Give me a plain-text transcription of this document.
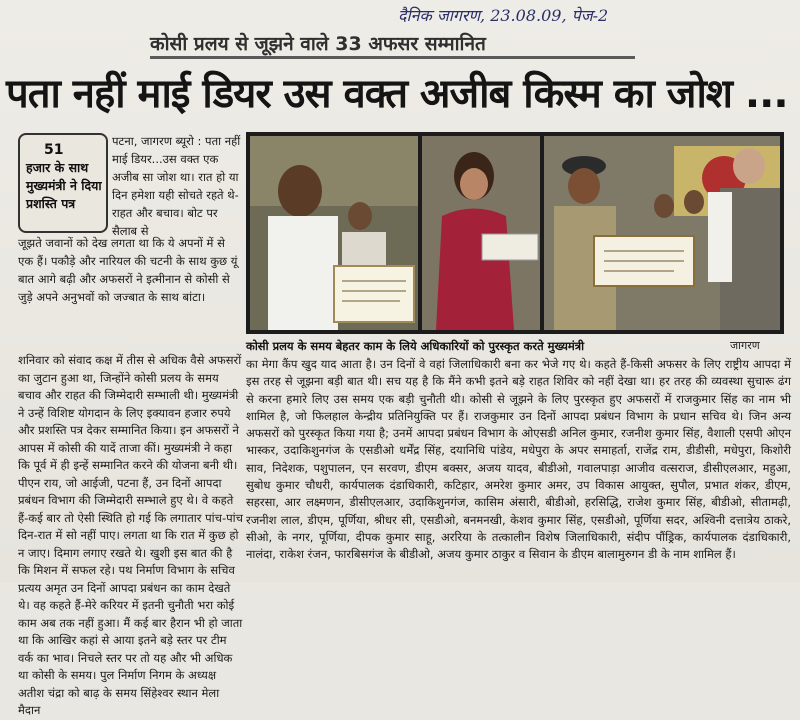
दैनिक जागरण, 23.08.09, पेज-2
कोसी प्रलय से जूझने वाले 33 अफसर सम्मानित
पता नहीं माई डियर उस वक्त अजीब किस्म का जोश ...
51
हजार के साथ मुख्यमंत्री ने दिया प्रशस्ति पत्र
पटना, जागरण ब्यूरो : पता नहीं माई डियर...उस वक्त एक अजीब सा जोश था। रात हो या दिन हमेशा यही सोचते रहते थे-राहत और बचाव। बोट पर सैलाब से
जूझते जवानों को देख लगता था कि ये अपनों में से एक हैं। पकौड़े और नारियल की चटनी के साथ कुछ यूं बात आगे बढ़ी और अफसरों ने इत्मीनान से कोसी से जुड़े अपने अनुभवों को जज्बात के साथ बांटा।
शनिवार को संवाद कक्ष में तीस से अधिक वैसे अफसरों का जुटान हुआ था, जिन्होंने कोसी प्रलय के समय बचाव और राहत की जिम्मेदारी सम्भाली थी। मुख्यमंत्री ने उन्हें विशिष्ट योगदान के लिए इक्यावन हजार रुपये और प्रशस्ति पत्र देकर सम्मानित किया। इन अफसरों ने आपस में कोसी की यादें ताजा कीं। मुख्यमंत्री ने कहा कि पूर्व में ही इन्हें सम्मानित करने की योजना बनी थी। पीएन राय, जो आईजी, पटना हैं, उन दिनों आपदा प्रबंधन विभाग की जिम्मेदारी सम्भाले हुए थे। वे कहते हैं-कई बार तो ऐसी स्थिति हो गई कि लगातार पांच-पांच दिन-रात में सो नहीं पाए। लगता था कि रात में कुछ हो न जाए। दिमाग लगाए रखते थे। खुशी इस बात की है कि मिशन में सफल रहे। पथ निर्माण विभाग के सचिव प्रत्यय अमृत उन दिनों आपदा प्रबंधन का काम देखते थे। वह कहते हैं-मेरे करियर में इतनी चुनौती भरा कोई काम अब तक नहीं हुआ। मैं कई बार हैरान भी हो जाता था कि आखिर कहां से आया इतने बड़े स्तर पर टीम वर्क का भाव। निचले स्तर पर तो यह और भी अधिक था कोसी के समय। पुल निर्माण निगम के अध्यक्ष अतीश चंद्रा को बाढ़ के समय सिंहेश्वर स्थान मेला मैदान
कोसी प्रलय के समय बेहतर काम के लिये अधिकारियों को पुरस्कृत करते मुख्यमंत्री	जागरण
का मेगा कैंप खुद याद आता है। उन दिनों वे वहां जिलाधिकारी बना कर भेजे गए थे। कहते हैं-किसी अफसर के लिए राष्ट्रीय आपदा में इस तरह से जूझना बड़ी बात थी। सच यह है कि मैंने कभी इतने बड़े राहत शिविर को नहीं देखा था। हर तरह की व्यवस्था सुचारू ढंग से करना हमारे लिए उस समय एक बड़ी चुनौती थी। कोसी से जूझने के लिए पुरस्कृत हुए अफसरों में राजकुमार सिंह का नाम भी शामिल है, जो फिलहाल केन्द्रीय प्रतिनियुक्ति पर हैं। राजकुमार उन दिनों आपदा प्रबंधन विभाग के प्रधान सचिव थे। जिन अन्य अफसरों को पुरस्कृत किया गया है; उनमें आपदा प्रबंधन विभाग के ओएसडी अनिल कुमार, रजनीश कुमार सिंह, वैशाली एसपी ओएन भास्कर, उदाकिशुनगंज के एसडीओ धर्मेंद्र सिंह, दयानिधि पांडेय, मधेपुरा के अपर समाहर्ता, राजेंद्र राम, डीडीसी, मधेपुरा, किशोरी साव, निदेशक, पशुपालन, एन सरवण, डीएम बक्सर, अजय यादव, बीडीओ, गवालपाड़ा आजीव वत्सराज, डीसीएलआर, महुआ, सुबोध कुमार चौधरी, कार्यपालक दंडाधिकारी, कटिहार, अमरेश कुमार अमर, उप विकास आयुक्त, सुपौल, प्रभात शंकर, डीएम, सहरसा, आर लक्ष्मणन, डीसीएलआर, उदाकिशुनगंज, कासिम अंसारी, बीडीओ, हरसिद्धि, राजेश कुमार सिंह, बीडीओ, सीतामढ़ी, रजनीश लाल, डीएम, पूर्णिया, श्रीधर सी, एसडीओ, बनमनखी, केशव कुमार सिंह, एसडीओ, पूर्णिया सदर, अश्विनी दत्तात्रेय ठाकरे, सीओ, के नगर, पूर्णिया, दीपक कुमार साहू, अररिया के तत्कालीन विशेष जिलाधिकारी, संदीप पौंड्रिक, कार्यपालक दंडाधिकारी, नालंदा, राकेश रंजन, फारबिसगंज के बीडीओ, अजय कुमार ठाकुर व सिवान के डीएम बालामुरुगन डी के नाम शामिल हैं।
